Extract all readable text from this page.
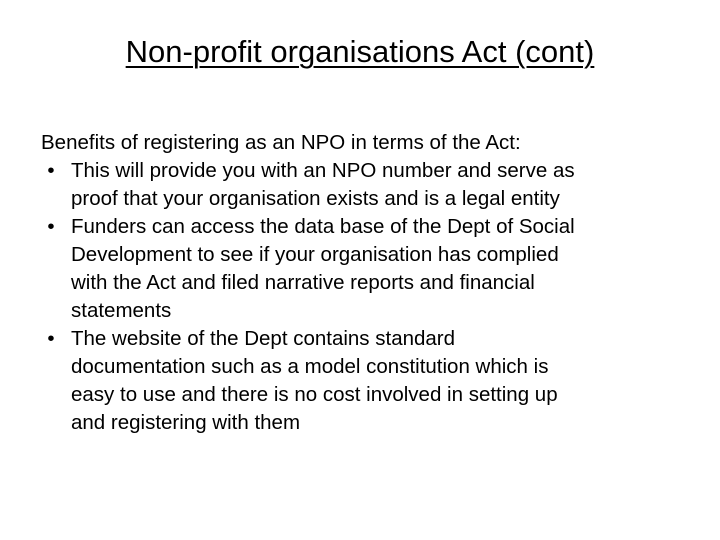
Non-profit organisations Act (cont)

Benefits of registering as an NPO in terms of the Act:

• This will provide you with an NPO number and serve as
proof that your organisation exists and is a legal entity
• Funders can access the data base of the Dept of Social
Development to see if your organisation has complied
with the Act and filed narrative reports and financial
statements
• The website of the Dept contains standard
documentation such as a model constitution which is
easy to use and there is no cost involved in setting up
and registering with them
